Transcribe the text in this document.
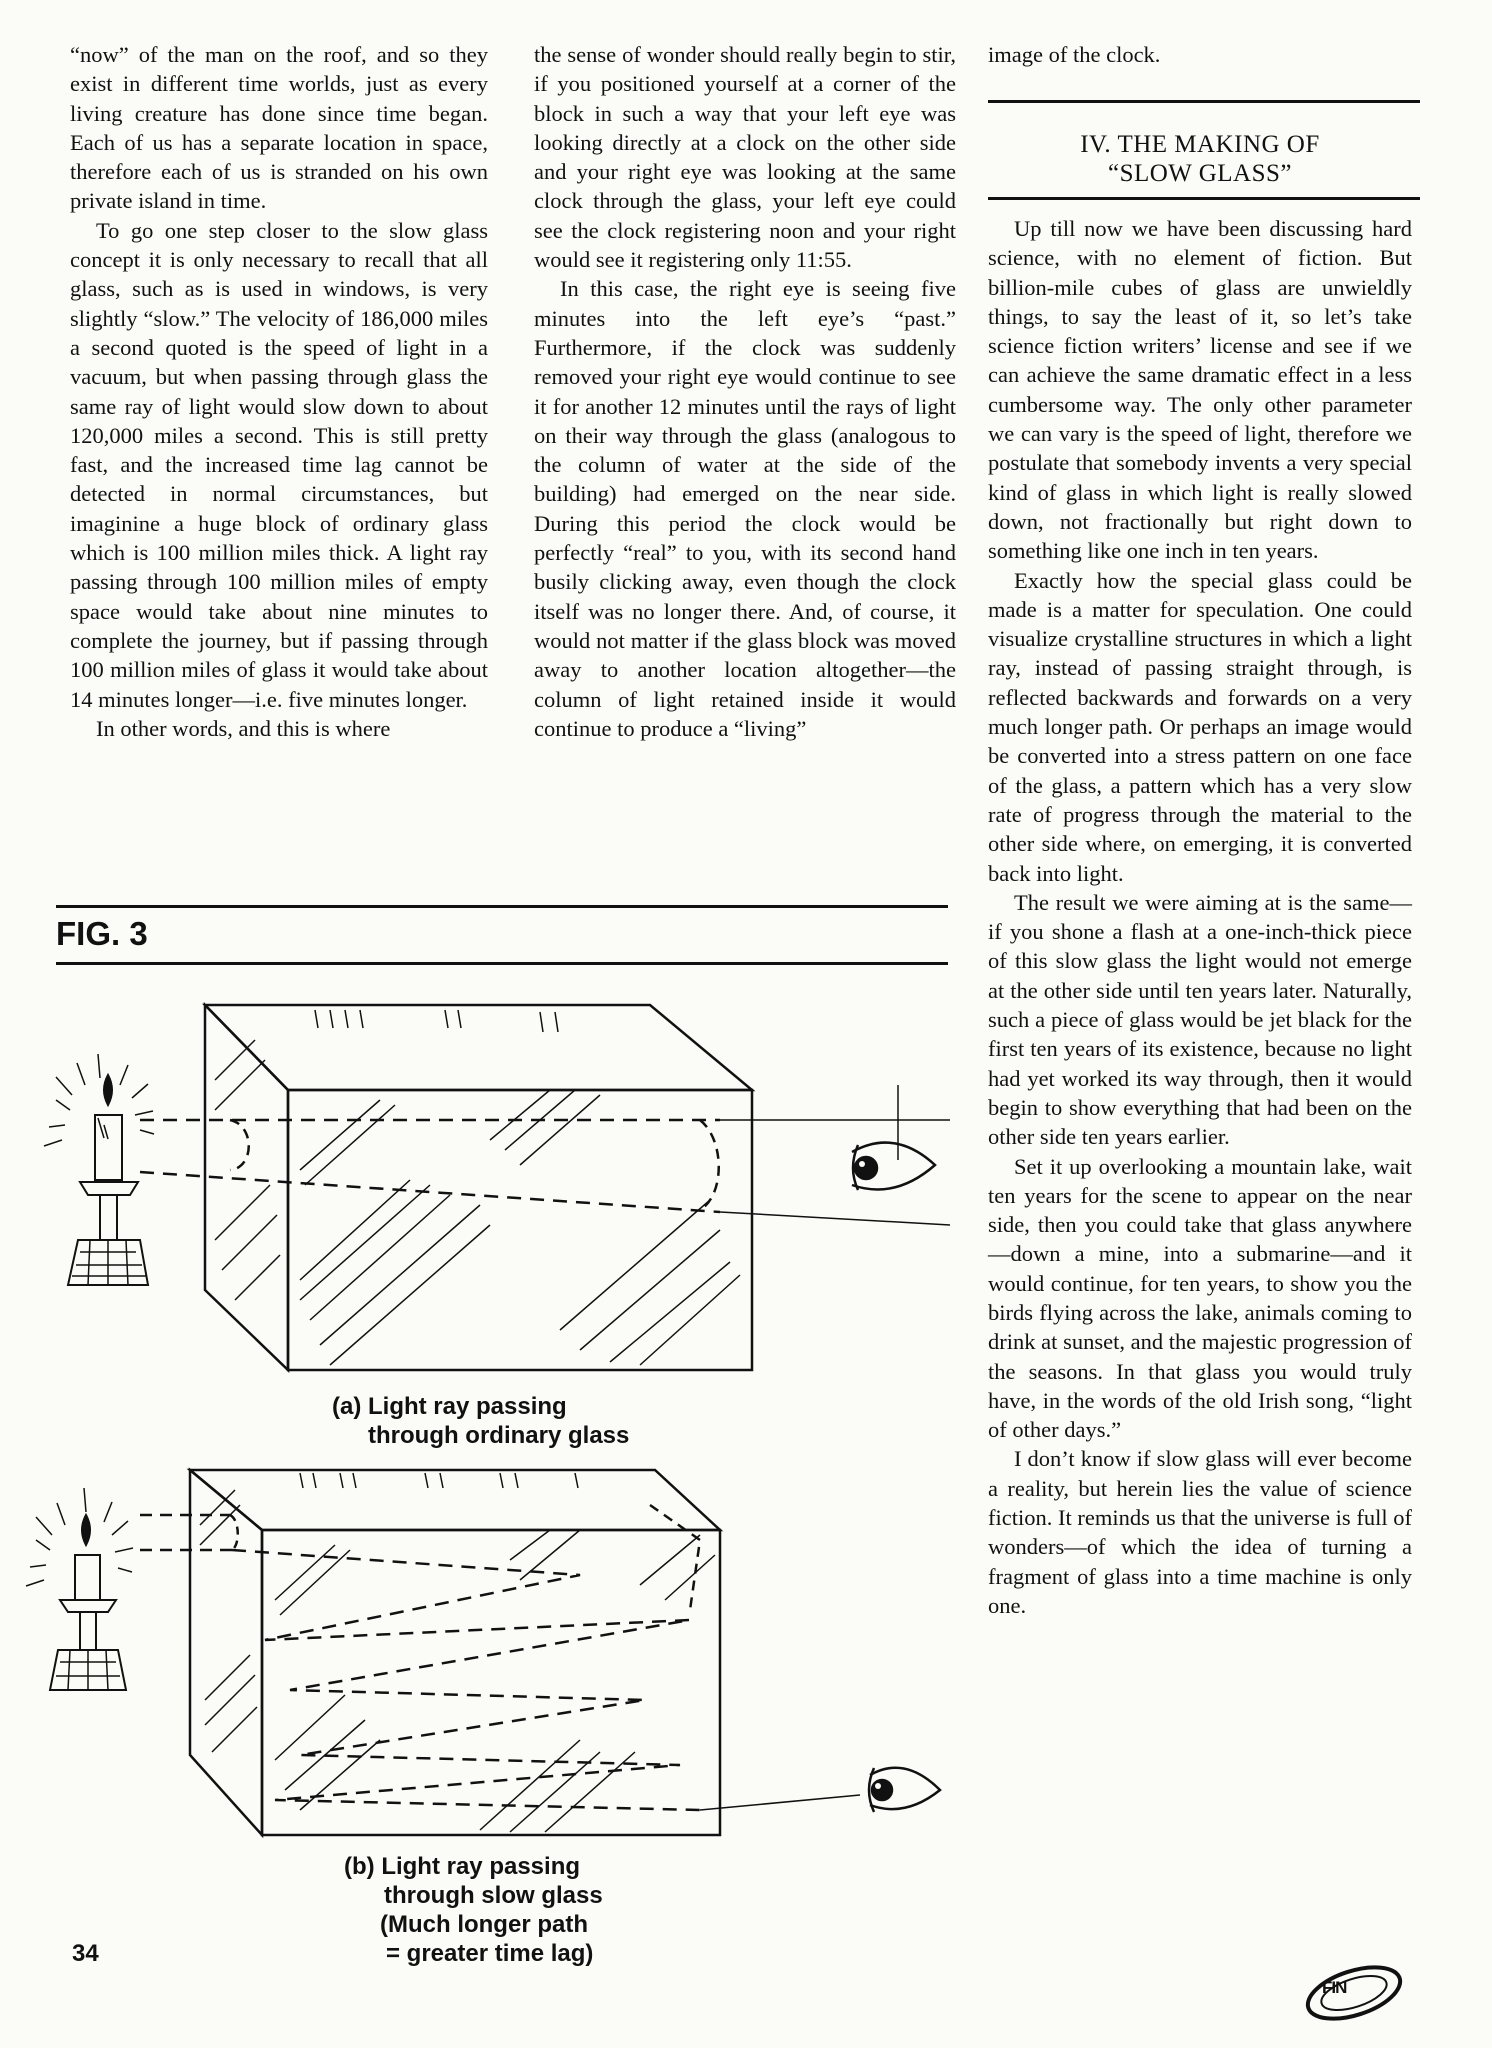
“now” of the man on the roof, and so they exist in different time worlds, just as every living creature has done since time began. Each of us has a separate location in space, therefore each of us is stranded on his own private island in time.

To go one step closer to the slow glass concept it is only necessary to recall that all glass, such as is used in windows, is very slightly “slow.” The velocity of 186,000 miles a second quoted is the speed of light in a vacuum, but when passing through glass the same ray of light would slow down to about 120,000 miles a second. This is still pretty fast, and the increased time lag cannot be detected in normal circumstances, but imaginine a huge block of ordinary glass which is 100 million miles thick. A light ray passing through 100 million miles of empty space would take about nine minutes to complete the journey, but if passing through 100 million miles of glass it would take about 14 minutes longer—i.e. five minutes longer.

In other words, and this is where

the sense of wonder should really begin to stir, if you positioned yourself at a corner of the block in such a way that your left eye was looking directly at a clock on the other side and your right eye was looking at the same clock through the glass, your left eye could see the clock registering noon and your right would see it registering only 11:55.

In this case, the right eye is seeing five minutes into the left eye’s “past.” Furthermore, if the clock was suddenly removed your right eye would continue to see it for another 12 minutes until the rays of light on their way through the glass (analogous to the column of water at the side of the building) had emerged on the near side. During this period the clock would be perfectly “real” to you, with its second hand busily clicking away, even though the clock itself was no longer there. And, of course, it would not matter if the glass block was moved away to another location altogether—the column of light retained inside it would continue to produce a “living”

image of the clock.

IV. THE MAKING OF
“SLOW GLASS”

Up till now we have been discussing hard science, with no element of fiction. But billion-mile cubes of glass are unwieldly things, to say the least of it, so let’s take science fiction writers’ license and see if we can achieve the same dramatic effect in a less cumbersome way. The only other parameter we can vary is the speed of light, therefore we postulate that somebody invents a very special kind of glass in which light is really slowed down, not fractionally but right down to something like one inch in ten years.

Exactly how the special glass could be made is a matter for speculation. One could visualize crystalline structures in which a light ray, instead of passing straight through, is reflected backwards and forwards on a very much longer path. Or perhaps an image would be converted into a stress pattern on one face of the glass, a pattern which has a very slow rate of progress through the material to the other side where, on emerging, it is converted back into light.

The result we were aiming at is the same—if you shone a flash at a one-inch-thick piece of this slow glass the light would not emerge at the other side until ten years later. Naturally, such a piece of glass would be jet black for the first ten years of its existence, because no light had yet worked its way through, then it would begin to show everything that had been on the other side ten years earlier.

Set it up overlooking a mountain lake, wait ten years for the scene to appear on the near side, then you could take that glass anywhere—down a mine, into a submarine—and it would continue, for ten years, to show you the birds flying across the lake, animals coming to drink at sunset, and the majestic progression of the seasons. In that glass you would truly have, in the words of the old Irish song, “light of other days.”

I don’t know if slow glass will ever become a reality, but herein lies the value of science fiction. It reminds us that the universe is full of wonders—of which the idea of turning a fragment of glass into a time machine is only one.

FIG. 3
(a) Light ray passing
through ordinary glass
(b) Light ray passing
through slow glass
(Much longer path
= greater time lag)
34
FIN
